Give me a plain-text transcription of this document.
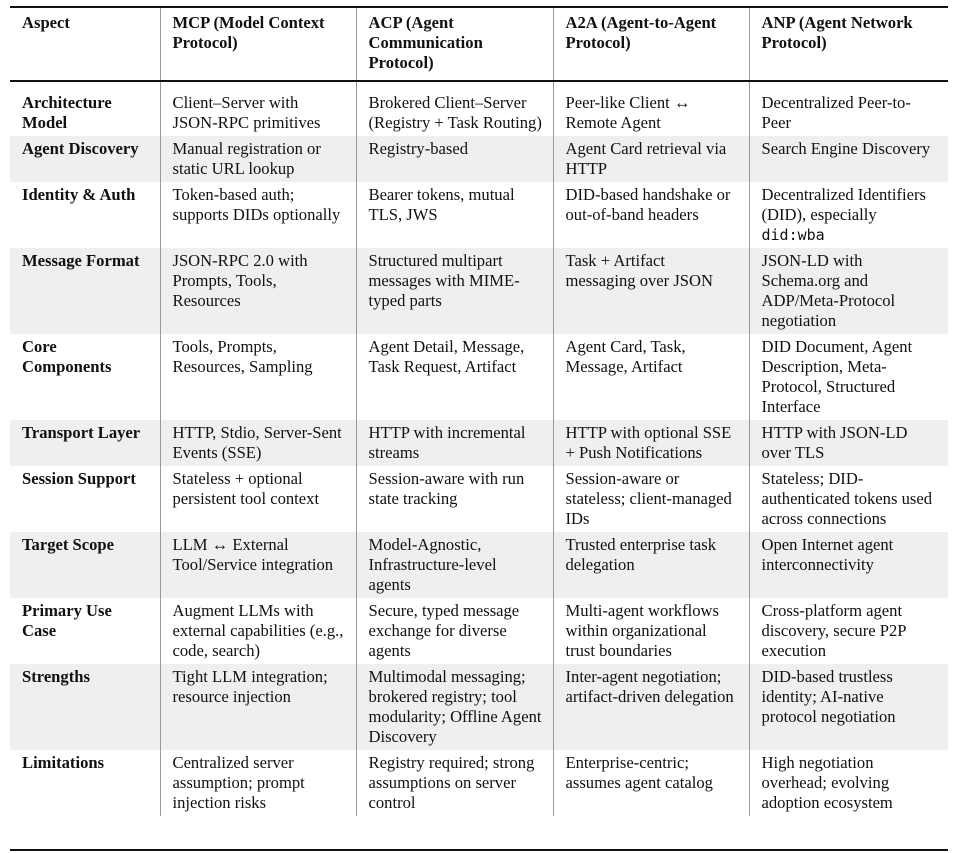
Aspect	MCP (Model Context Protocol)	ACP (Agent Communication Protocol)	A2A (Agent-to-Agent Protocol)	ANP (Agent Network Protocol)

Architecture Model	Client–Server with JSON-RPC primitives	Brokered Client–Server (Registry + Task Routing)	Peer-like Client ↔ Remote Agent	Decentralized Peer-to-Peer
Agent Discovery	Manual registration or static URL lookup	Registry-based	Agent Card retrieval via HTTP	Search Engine Discovery
Identity & Auth	Token-based auth; supports DIDs optionally	Bearer tokens, mutual TLS, JWS	DID-based handshake or out-of-band headers	Decentralized Identifiers (DID), especially did:wba
Message Format	JSON-RPC 2.0 with Prompts, Tools, Resources	Structured multipart messages with MIME-typed parts	Task + Artifact messaging over JSON	JSON-LD with Schema.org and ADP/Meta-Protocol negotiation
Core Components	Tools, Prompts, Resources, Sampling	Agent Detail, Message, Task Request, Artifact	Agent Card, Task, Message, Artifact	DID Document, Agent Description, Meta-Protocol, Structured Interface
Transport Layer	HTTP, Stdio, Server-Sent Events (SSE)	HTTP with incremental streams	HTTP with optional SSE + Push Notifications	HTTP with JSON-LD over TLS
Session Support	Stateless + optional persistent tool context	Session-aware with run state tracking	Session-aware or stateless; client-managed IDs	Stateless; DID-authenticated tokens used across connections
Target Scope	LLM ↔ External Tool/Service integration	Model-Agnostic, Infrastructure-level agents	Trusted enterprise task delegation	Open Internet agent interconnectivity
Primary Use Case	Augment LLMs with external capabilities (e.g., code, search)	Secure, typed message exchange for diverse agents	Multi-agent workflows within organizational trust boundaries	Cross-platform agent discovery, secure P2P execution
Strengths	Tight LLM integration; resource injection	Multimodal messaging; brokered registry; tool modularity; Offline Agent Discovery	Inter-agent negotiation; artifact-driven delegation	DID-based trustless identity; AI-native protocol negotiation
Limitations	Centralized server assumption; prompt injection risks	Registry required; strong assumptions on server control	Enterprise-centric; assumes agent catalog	High negotiation overhead; evolving adoption ecosystem
